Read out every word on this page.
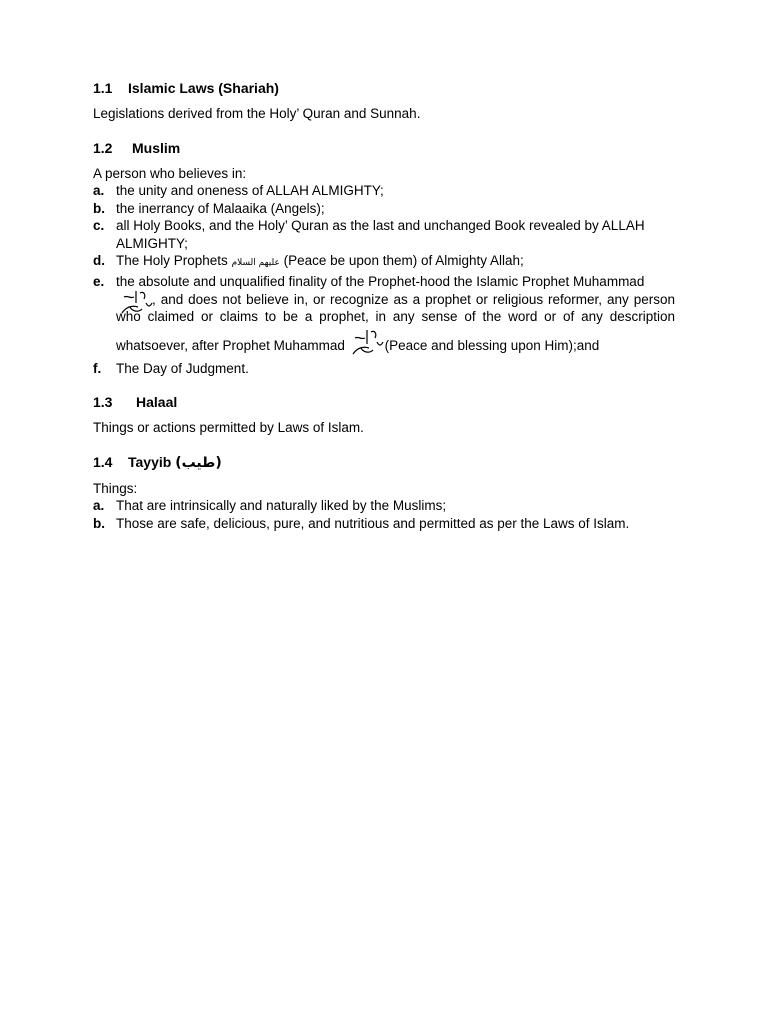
1.1 Islamic Laws (Shariah)

Legislations derived from the Holy’ Quran and Sunnah.

1.2 Muslim

A person who believes in:

a. the unity and oneness of ALLAH ALMIGHTY;
b. the inerrancy of Malaaika (Angels);
c. all Holy Books, and the Holy’ Quran as the last and unchanged Book revealed by ALLAH ALMIGHTY;
d. The Holy Prophets عليهم السلام (Peace be upon them) of Almighty Allah;
e. the absolute and unqualified finality of the Prophet-hood the Islamic Prophet Muhammad

, and does not believe in, or recognize as a prophet or religious reformer, any person who claimed or claims to be a prophet, in any sense of the word or of any description whatsoever, after Prophet Muhammad	(Peace and blessing upon Him);and
f. The Day of Judgment.
1.3 Halaal

Things or actions permitted by Laws of Islam.

1.4 Tayyib (طيب)

Things:

a. That are intrinsically and naturally liked by the Muslims;
b. Those are safe, delicious, pure, and nutritious and permitted as per the Laws of Islam.
